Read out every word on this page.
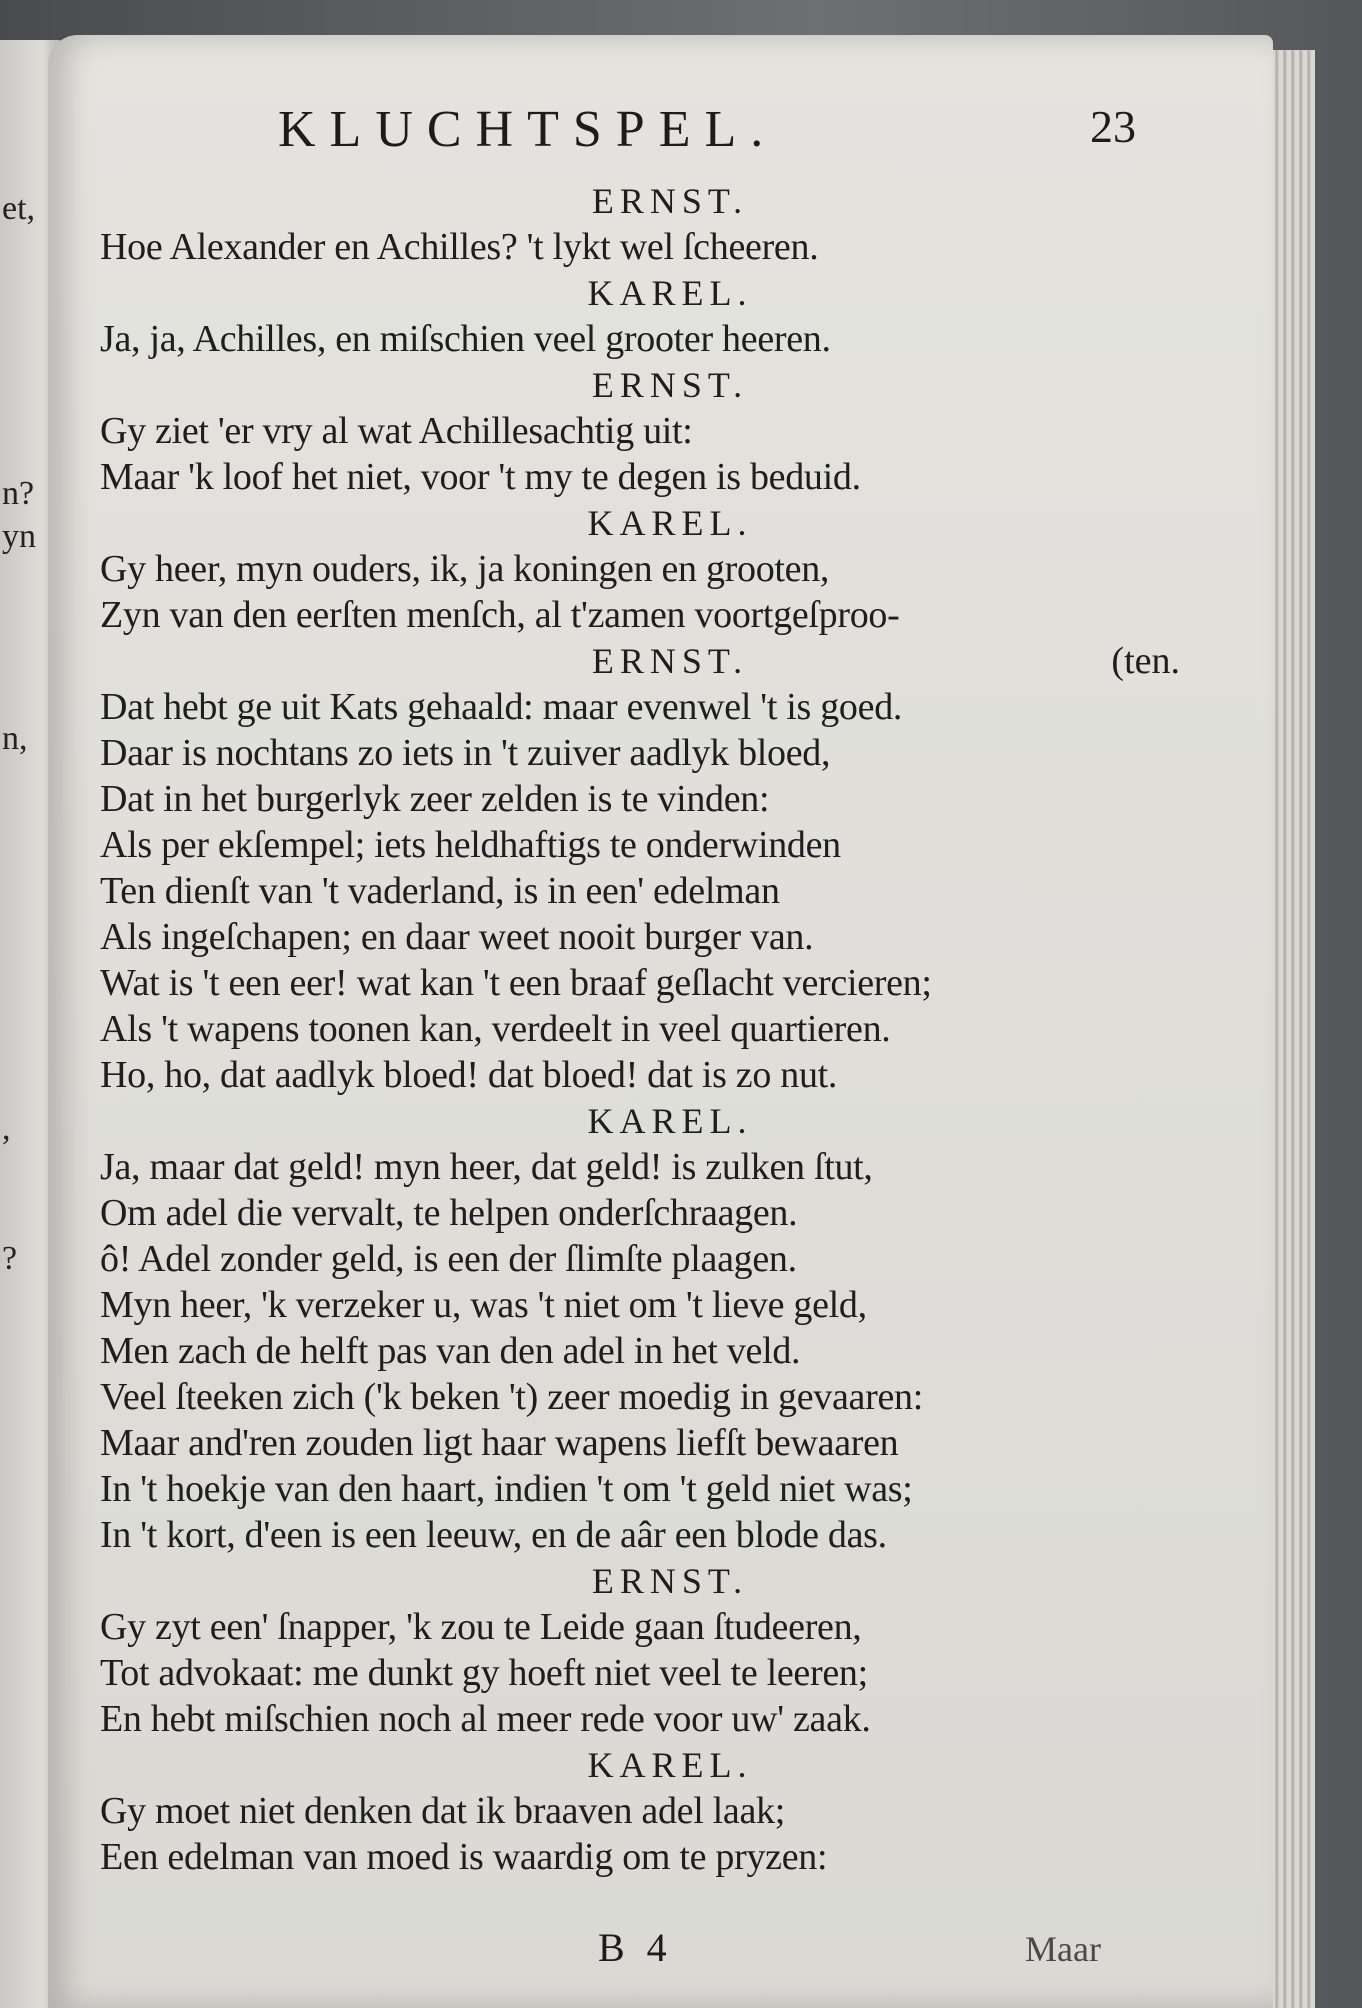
et,
n?
yn
n,
,
?
KLUCHTSPEL.	23
ERNST.
Hoe Alexander en Achilles? 't lykt wel ſcheeren.
KAREL.
Ja, ja, Achilles, en miſschien veel grooter heeren.
ERNST.
Gy ziet 'er vry al wat Achillesachtig uit:
Maar 'k loof het niet, voor 't my te degen is beduid.
KAREL.
Gy heer, myn ouders, ik, ja koningen en grooten,
Zyn van den eerſten menſch, al t'zamen voortgeſproo-
ERNST.	(ten.
Dat hebt ge uit Kats gehaald: maar evenwel 't is goed.
Daar is nochtans zo iets in 't zuiver aadlyk bloed,
Dat in het burgerlyk zeer zelden is te vinden:
Als per ekſempel; iets heldhaftigs te onderwinden
Ten dienſt van 't vaderland, is in een' edelman
Als ingeſchapen; en daar weet nooit burger van.
Wat is 't een eer! wat kan 't een braaf geſlacht vercieren;
Als 't wapens toonen kan, verdeelt in veel quartieren.
Ho, ho, dat aadlyk bloed! dat bloed! dat is zo nut.
KAREL.
Ja, maar dat geld! myn heer, dat geld! is zulken ſtut,
Om adel die vervalt, te helpen onderſchraagen.
ô! Adel zonder geld, is een der ſlimſte plaagen.
Myn heer, 'k verzeker u, was 't niet om 't lieve geld,
Men zach de helft pas van den adel in het veld.
Veel ſteeken zich ('k beken 't) zeer moedig in gevaaren:
Maar and'ren zouden ligt haar wapens liefſt bewaaren
In 't hoekje van den haart, indien 't om 't geld niet was;
In 't kort, d'een is een leeuw, en de aâr een blode das.
ERNST.
Gy zyt een' ſnapper, 'k zou te Leide gaan ſtudeeren,
Tot advokaat: me dunkt gy hoeft niet veel te leeren;
En hebt miſschien noch al meer rede voor uw' zaak.
KAREL.
Gy moet niet denken dat ik braaven adel laak;
Een edelman van moed is waardig om te pryzen:
B 4	Maar
